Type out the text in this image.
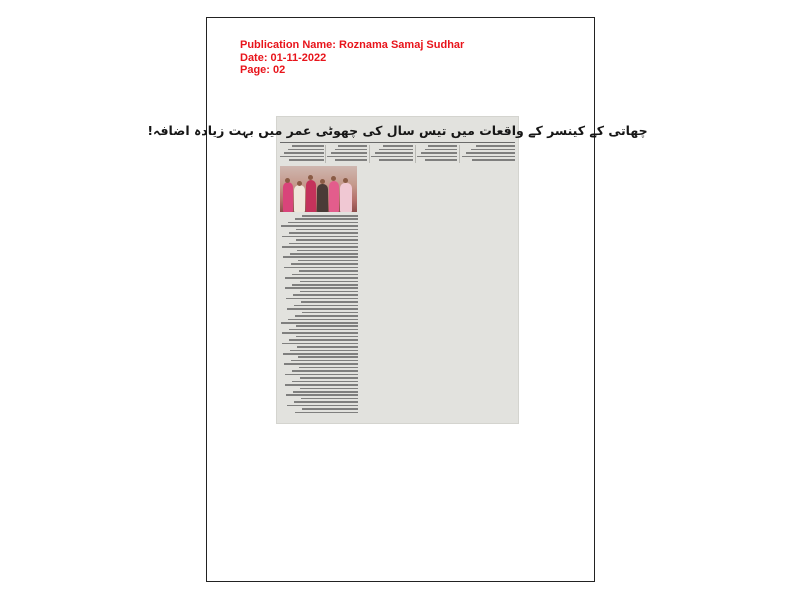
Publication Name: Roznama Samaj Sudhar
Date: 01-11-2022
Page: 02
چھاتی کے کینسر کے واقعات میں تیس سال کی چھوٹی عمر میں بہت زیادہ اضافہ!
